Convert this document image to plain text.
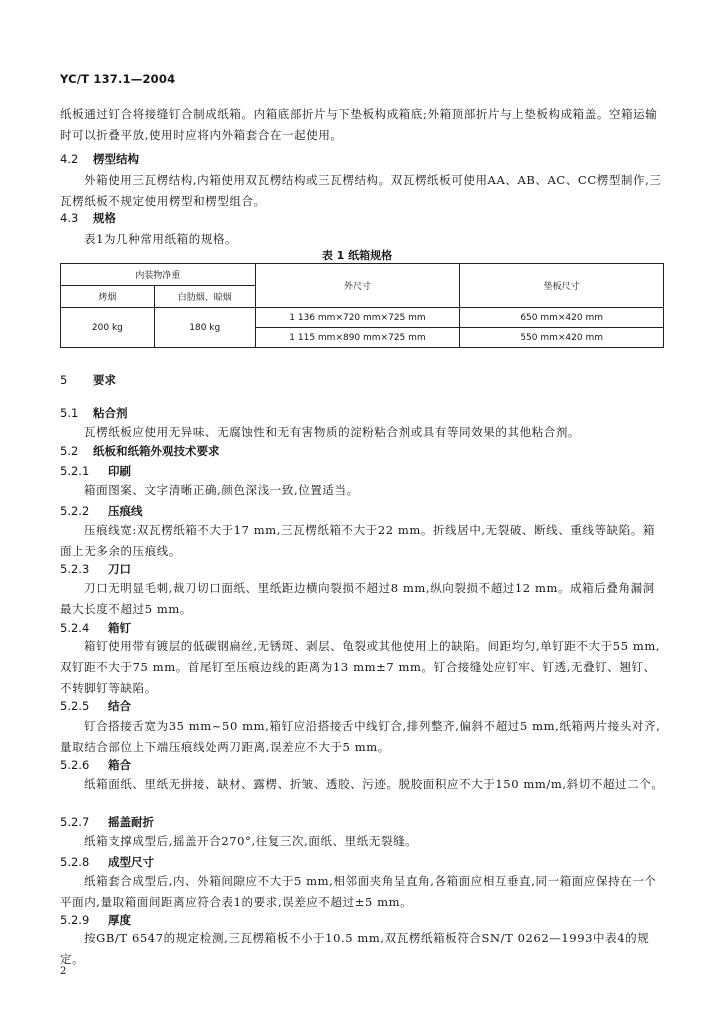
YC/T 137.1—2004
纸板通过钉合将接缝钉合制成纸箱。内箱底部折片与下垫板构成箱底;外箱顶部折片与上垫板构成箱盖。空箱运输时可以折叠平放,使用时应将内外箱套合在一起使用。
4.2 楞型结构
外箱使用三瓦楞结构,内箱使用双瓦楞结构或三瓦楞结构。双瓦楞纸板可使用AA、AB、AC、CC楞型制作,三瓦楞纸板不规定使用楞型和楞型组合。
4.3 规格
表1为几种常用纸箱的规格。
表 1 纸箱规格
内装物净重		外尺寸	垫板尺寸
烤烟	白肋烟、晾烟		
200 kg	180 kg	1 136 mm×720 mm×725 mm	650 mm×420 mm
		1 115 mm×890 mm×725 mm	550 mm×420 mm
5 要求
5.1 粘合剂
瓦楞纸板应使用无异味、无腐蚀性和无有害物质的淀粉粘合剂或具有等同效果的其他粘合剂。
5.2 纸板和纸箱外观技术要求
5.2.1 印刷
箱面图案、文字清晰正确,颜色深浅一致,位置适当。
5.2.2 压痕线
压痕线宽:双瓦楞纸箱不大于17 mm,三瓦楞纸箱不大于22 mm。折线居中,无裂破、断线、重线等缺陷。箱面上无多余的压痕线。
5.2.3 刀口
刀口无明显毛刺,裁刀切口面纸、里纸距边横向裂损不超过8 mm,纵向裂损不超过12 mm。成箱后叠角漏洞最大长度不超过5 mm。
5.2.4 箱钉
箱钉使用带有镀层的低碳钢扁丝,无锈斑、剥层、龟裂或其他使用上的缺陷。间距均匀,单钉距不大于55 mm,双钉距不大于75 mm。首尾钉至压痕边线的距离为13 mm±7 mm。钉合接缝处应钉牢、钉透,无叠钉、翘钉、不转脚钉等缺陷。
5.2.5 结合
钉合搭接舌宽为35 mm~50 mm,箱钉应沿搭接舌中线钉合,排列整齐,偏斜不超过5 mm,纸箱两片接头对齐,量取结合部位上下端压痕线处两刀距离,误差应不大于5 mm。
5.2.6 箱合
纸箱面纸、里纸无拼接、缺材、露楞、折皱、透胶、污迹。脱胶面积应不大于150 mm/m,斜切不超过二个。
5.2.7 摇盖耐折
纸箱支撑成型后,摇盖开合270°,往复三次,面纸、里纸无裂缝。
5.2.8 成型尺寸
纸箱套合成型后,内、外箱间隙应不大于5 mm,相邻面夹角呈直角,各箱面应相互垂直,同一箱面应保持在一个平面内,量取箱面间距离应符合表1的要求,误差应不超过±5 mm。
5.2.9 厚度
按GB/T 6547的规定检测,三瓦楞箱板不小于10.5 mm,双瓦楞纸箱板符合SN/T 0262—1993中表4的规定。
2
